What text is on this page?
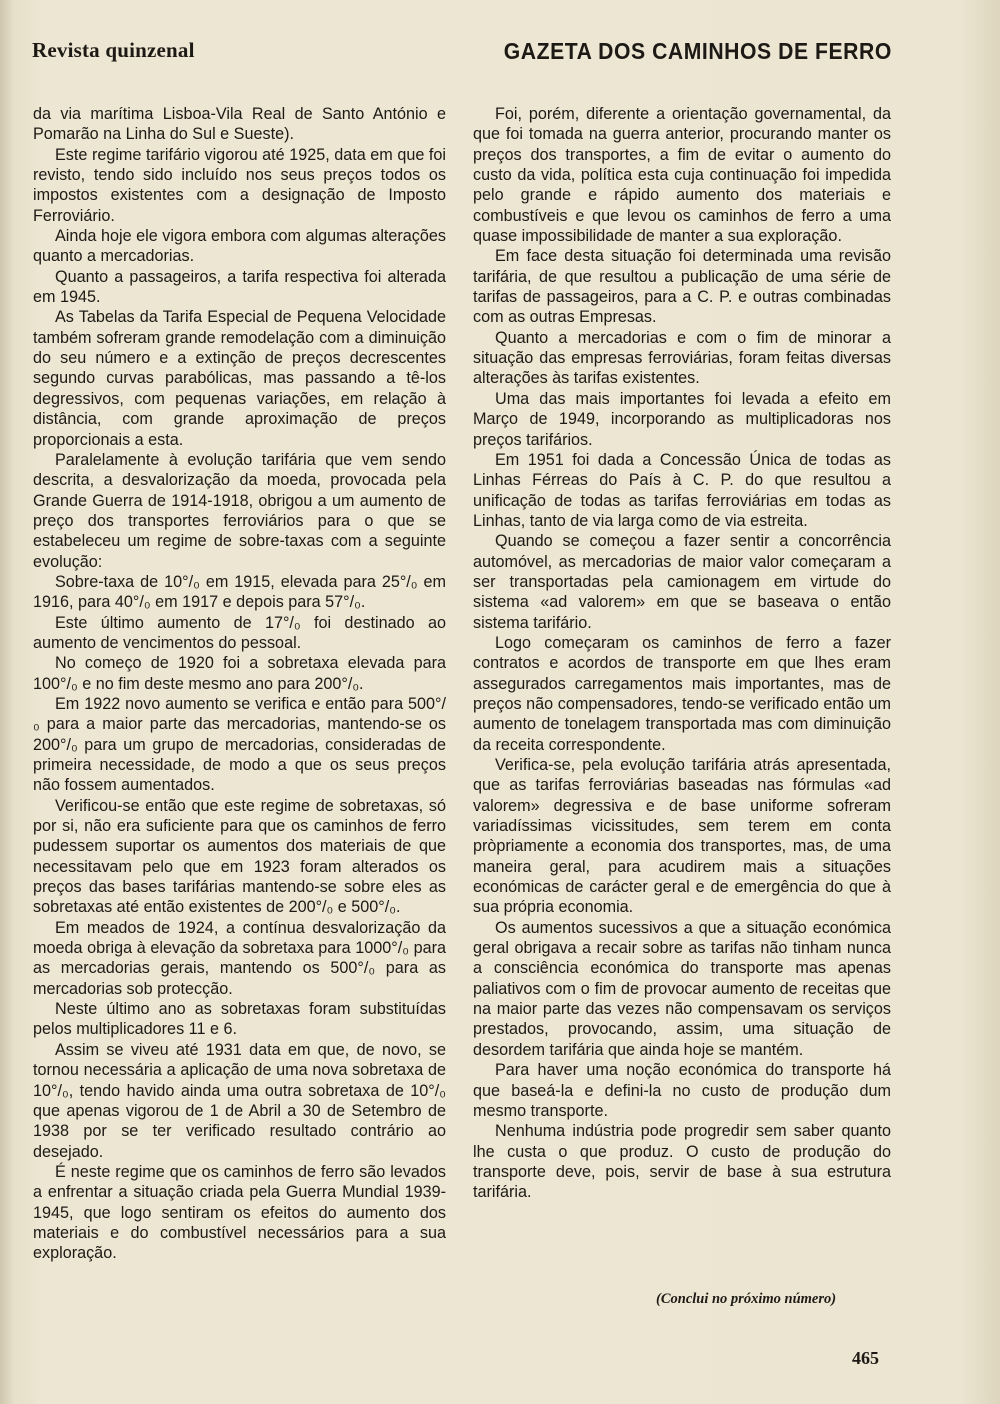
Revista quinzenal	GAZETA DOS CAMINHOS DE FERRO

da via marítima Lisboa-Vila Real de Santo António e Pomarão na Linha do Sul e Sueste).

Este regime tarifário vigorou até 1925, data em que foi revisto, tendo sido incluído nos seus preços todos os impostos existentes com a designação de Imposto Ferroviário.

Ainda hoje ele vigora embora com algumas alterações quanto a mercadorias.

Quanto a passageiros, a tarifa respectiva foi alterada em 1945.

As Tabelas da Tarifa Especial de Pequena Velocidade também sofreram grande remodelação com a diminuição do seu número e a extinção de preços decrescentes segundo curvas parabólicas, mas passando a tê-los degressivos, com pequenas variações, em relação à distância, com grande aproximação de preços proporcionais a esta.

Paralelamente à evolução tarifária que vem sendo descrita, a desvalorização da moeda, provocada pela Grande Guerra de 1914-1918, obrigou a um aumento de preço dos transportes ferroviários para o que se estabeleceu um regime de sobre-taxas com a seguinte evolução:

Sobre-taxa de 10°/₀ em 1915, elevada para 25°/₀ em 1916, para 40°/₀ em 1917 e depois para 57°/₀.

Este último aumento de 17°/₀ foi destinado ao aumento de vencimentos do pessoal.

No começo de 1920 foi a sobretaxa elevada para 100°/₀ e no fim deste mesmo ano para 200°/₀.

Em 1922 novo aumento se verifica e então para 500°/₀ para a maior parte das mercadorias, mantendo-se os 200°/₀ para um grupo de mercadorias, consideradas de primeira necessidade, de modo a que os seus preços não fossem aumentados.

Verificou-se então que este regime de sobretaxas, só por si, não era suficiente para que os caminhos de ferro pudessem suportar os aumentos dos materiais de que necessitavam pelo que em 1923 foram alterados os preços das bases tarifárias mantendo-se sobre eles as sobretaxas até então existentes de 200°/₀ e 500°/₀.

Em meados de 1924, a contínua desvalorização da moeda obriga à elevação da sobretaxa para 1000°/₀ para as mercadorias gerais, mantendo os 500°/₀ para as mercadorias sob protecção.

Neste último ano as sobretaxas foram substituídas pelos multiplicadores 11 e 6.

Assim se viveu até 1931 data em que, de novo, se tornou necessária a aplicação de uma nova sobretaxa de 10°/₀, tendo havido ainda uma outra sobretaxa de 10°/₀ que apenas vigorou de 1 de Abril a 30 de Setembro de 1938 por se ter verificado resultado contrário ao desejado.

É neste regime que os caminhos de ferro são levados a enfrentar a situação criada pela Guerra Mundial 1939-1945, que logo sentiram os efeitos do aumento dos materiais e do combustível necessários para a sua exploração.

Foi, porém, diferente a orientação governamental, da que foi tomada na guerra anterior, procurando manter os preços dos transportes, a fim de evitar o aumento do custo da vida, política esta cuja continuação foi impedida pelo grande e rápido aumento dos materiais e combustíveis e que levou os caminhos de ferro a uma quase impossibilidade de manter a sua exploração.

Em face desta situação foi determinada uma revisão tarifária, de que resultou a publicação de uma série de tarifas de passageiros, para a C. P. e outras combinadas com as outras Empresas.

Quanto a mercadorias e com o fim de minorar a situação das empresas ferroviárias, foram feitas diversas alterações às tarifas existentes.

Uma das mais importantes foi levada a efeito em Março de 1949, incorporando as multiplicadoras nos preços tarifários.

Em 1951 foi dada a Concessão Única de todas as Linhas Férreas do País à C. P. do que resultou a unificação de todas as tarifas ferroviárias em todas as Linhas, tanto de via larga como de via estreita.

Quando se começou a fazer sentir a concorrência automóvel, as mercadorias de maior valor começaram a ser transportadas pela camionagem em virtude do sistema «ad valorem» em que se baseava o então sistema tarifário.

Logo começaram os caminhos de ferro a fazer contratos e acordos de transporte em que lhes eram assegurados carregamentos mais importantes, mas de preços não compensadores, tendo-se verificado então um aumento de tonelagem transportada mas com diminuição da receita correspondente.

Verifica-se, pela evolução tarifária atrás apresentada, que as tarifas ferroviárias baseadas nas fórmulas «ad valorem» degressiva e de base uniforme sofreram variadíssimas vicissitudes, sem terem em conta pròpriamente a economia dos transportes, mas, de uma maneira geral, para acudirem mais a situações económicas de carácter geral e de emergência do que à sua própria economia.

Os aumentos sucessivos a que a situação económica geral obrigava a recair sobre as tarifas não tinham nunca a consciência económica do transporte mas apenas paliativos com o fim de provocar aumento de receitas que na maior parte das vezes não compensavam os serviços prestados, provocando, assim, uma situação de desordem tarifária que ainda hoje se mantém.

Para haver uma noção económica do transporte há que baseá-la e defini-la no custo de produção dum mesmo transporte.

Nenhuma indústria pode progredir sem saber quanto lhe custa o que produz. O custo de produção do transporte deve, pois, servir de base à sua estrutura tarifária.

(Conclui no próximo número)
465
